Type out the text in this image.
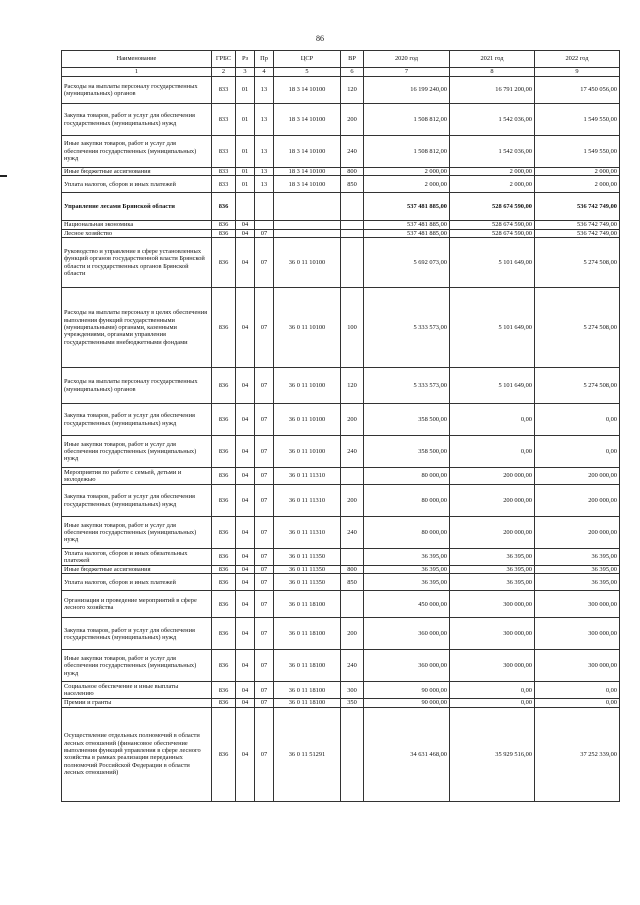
86
Наименование	ГРБС	Рз	Пр	ЦСР	ВР	2020 год	2021 год	2022 год
1	2	3	4	5	6	7	8	9
Расходы на выплаты персоналу государственных (муниципальных) органов	833	01	13	18 3 14 10100	120	16 199 240,00	16 791 200,00	17 450 056,00
Закупка товаров, работ и услуг для обеспечения государственных (муниципальных) нужд	833	01	13	18 3 14 10100	200	1 508 812,00	1 542 036,00	1 549 550,00
Иные закупки товаров, работ и услуг для обеспечения государственных (муниципальных) нужд	833	01	13	18 3 14 10100	240	1 508 812,00	1 542 036,00	1 549 550,00
Иные бюджетные ассигнования	833	01	13	18 3 14 10100	800	2 000,00	2 000,00	2 000,00
Уплата налогов, сборов и иных платежей	833	01	13	18 3 14 10100	850	2 000,00	2 000,00	2 000,00
Управление лесами Брянской области	836					537 481 885,00	528 674 590,00	536 742 749,00
Национальная экономика	836	04				537 481 885,00	528 674 590,00	536 742 749,00
Лесное хозяйство	836	04	07			537 481 885,00	528 674 590,00	536 742 749,00
Руководство и управление в сфере установленных функций органов государственной власти Брянской области и государственных органов Брянской области	836	04	07	36 0 11 10100		5 692 073,00	5 101 649,00	5 274 508,00
Расходы на выплаты персоналу в целях обеспечения выполнения функций государственными (муниципальными) органами, казенными учреждениями, органами управления государственными внебюджетными фондами	836	04	07	36 0 11 10100	100	5 333 573,00	5 101 649,00	5 274 508,00
Расходы на выплаты персоналу государственных (муниципальных) органов	836	04	07	36 0 11 10100	120	5 333 573,00	5 101 649,00	5 274 508,00
Закупка товаров, работ и услуг для обеспечения государственных (муниципальных) нужд	836	04	07	36 0 11 10100	200	358 500,00	0,00	0,00
Иные закупки товаров, работ и услуг для обеспечения государственных (муниципальных) нужд	836	04	07	36 0 11 10100	240	358 500,00	0,00	0,00
Мероприятия по работе с семьей, детьми и молодежью	836	04	07	36 0 11 11310		80 000,00	200 000,00	200 000,00
Закупка товаров, работ и услуг для обеспечения государственных (муниципальных) нужд	836	04	07	36 0 11 11310	200	80 000,00	200 000,00	200 000,00
Иные закупки товаров, работ и услуг для обеспечения государственных (муниципальных) нужд	836	04	07	36 0 11 11310	240	80 000,00	200 000,00	200 000,00
Уплата налогов, сборов и иных обязательных платежей	836	04	07	36 0 11 11350		36 395,00	36 395,00	36 395,00
Иные бюджетные ассигнования	836	04	07	36 0 11 11350	800	36 395,00	36 395,00	36 395,00
Уплата налогов, сборов и иных платежей	836	04	07	36 0 11 11350	850	36 395,00	36 395,00	36 395,00
Организация и проведение мероприятий в сфере лесного хозяйства	836	04	07	36 0 11 18100		450 000,00	300 000,00	300 000,00
Закупка товаров, работ и услуг для обеспечения государственных (муниципальных) нужд	836	04	07	36 0 11 18100	200	360 000,00	300 000,00	300 000,00
Иные закупки товаров, работ и услуг для обеспечения государственных (муниципальных) нужд	836	04	07	36 0 11 18100	240	360 000,00	300 000,00	300 000,00
Социальное обеспечение и иные выплаты населению	836	04	07	36 0 11 18100	300	90 000,00	0,00	0,00
Премии и гранты	836	04	07	36 0 11 18100	350	90 000,00	0,00	0,00
Осуществление отдельных полномочий в области лесных отношений (финансовое обеспечение выполнения функций управления в сфере лесного хозяйства в рамках реализации переданных полномочий Российской Федерации в области лесных отношений)	836	04	07	36 0 11 51291		34 631 468,00	35 929 516,00	37 252 339,00
